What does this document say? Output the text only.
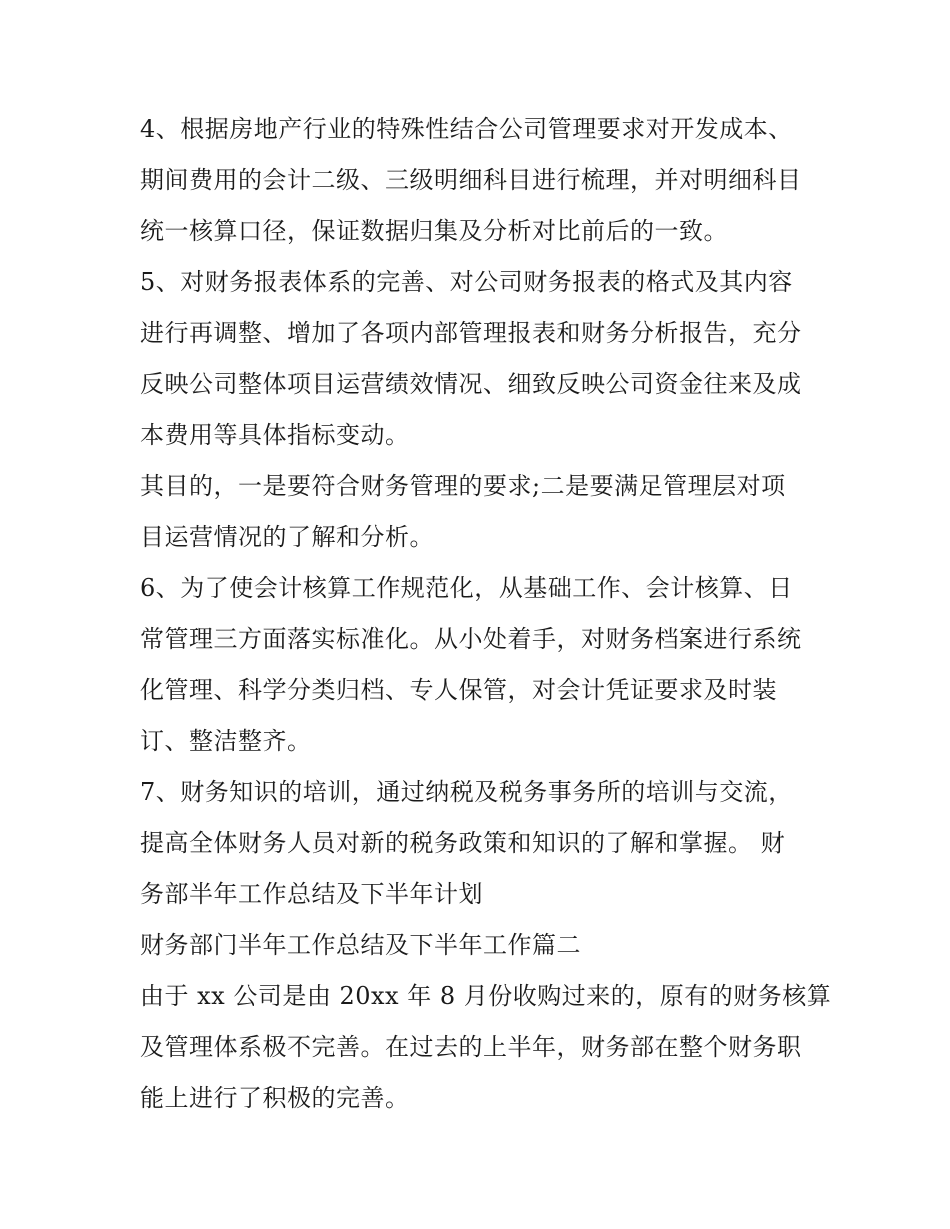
4、根据房地产行业的特殊性结合公司管理要求对开发成本、
期间费用的会计二级、三级明细科目进行梳理，并对明细科目
统一核算口径，保证数据归集及分析对比前后的一致。
5、对财务报表体系的完善、对公司财务报表的格式及其内容
进行再调整、增加了各项内部管理报表和财务分析报告，充分
反映公司整体项目运营绩效情况、细致反映公司资金往来及成
本费用等具体指标变动。
其目的，一是要符合财务管理的要求;二是要满足管理层对项
目运营情况的了解和分析。
6、为了使会计核算工作规范化，从基础工作、会计核算、日
常管理三方面落实标准化。从小处着手，对财务档案进行系统
化管理、科学分类归档、专人保管，对会计凭证要求及时装
订、整洁整齐。
7、财务知识的培训，通过纳税及税务事务所的培训与交流，
提高全体财务人员对新的税务政策和知识的了解和掌握。 财
务部半年工作总结及下半年计划
财务部门半年工作总结及下半年工作篇二
由于 xx 公司是由 20xx 年 8 月份收购过来的，原有的财务核算
及管理体系极不完善。在过去的上半年，财务部在整个财务职
能上进行了积极的完善。
